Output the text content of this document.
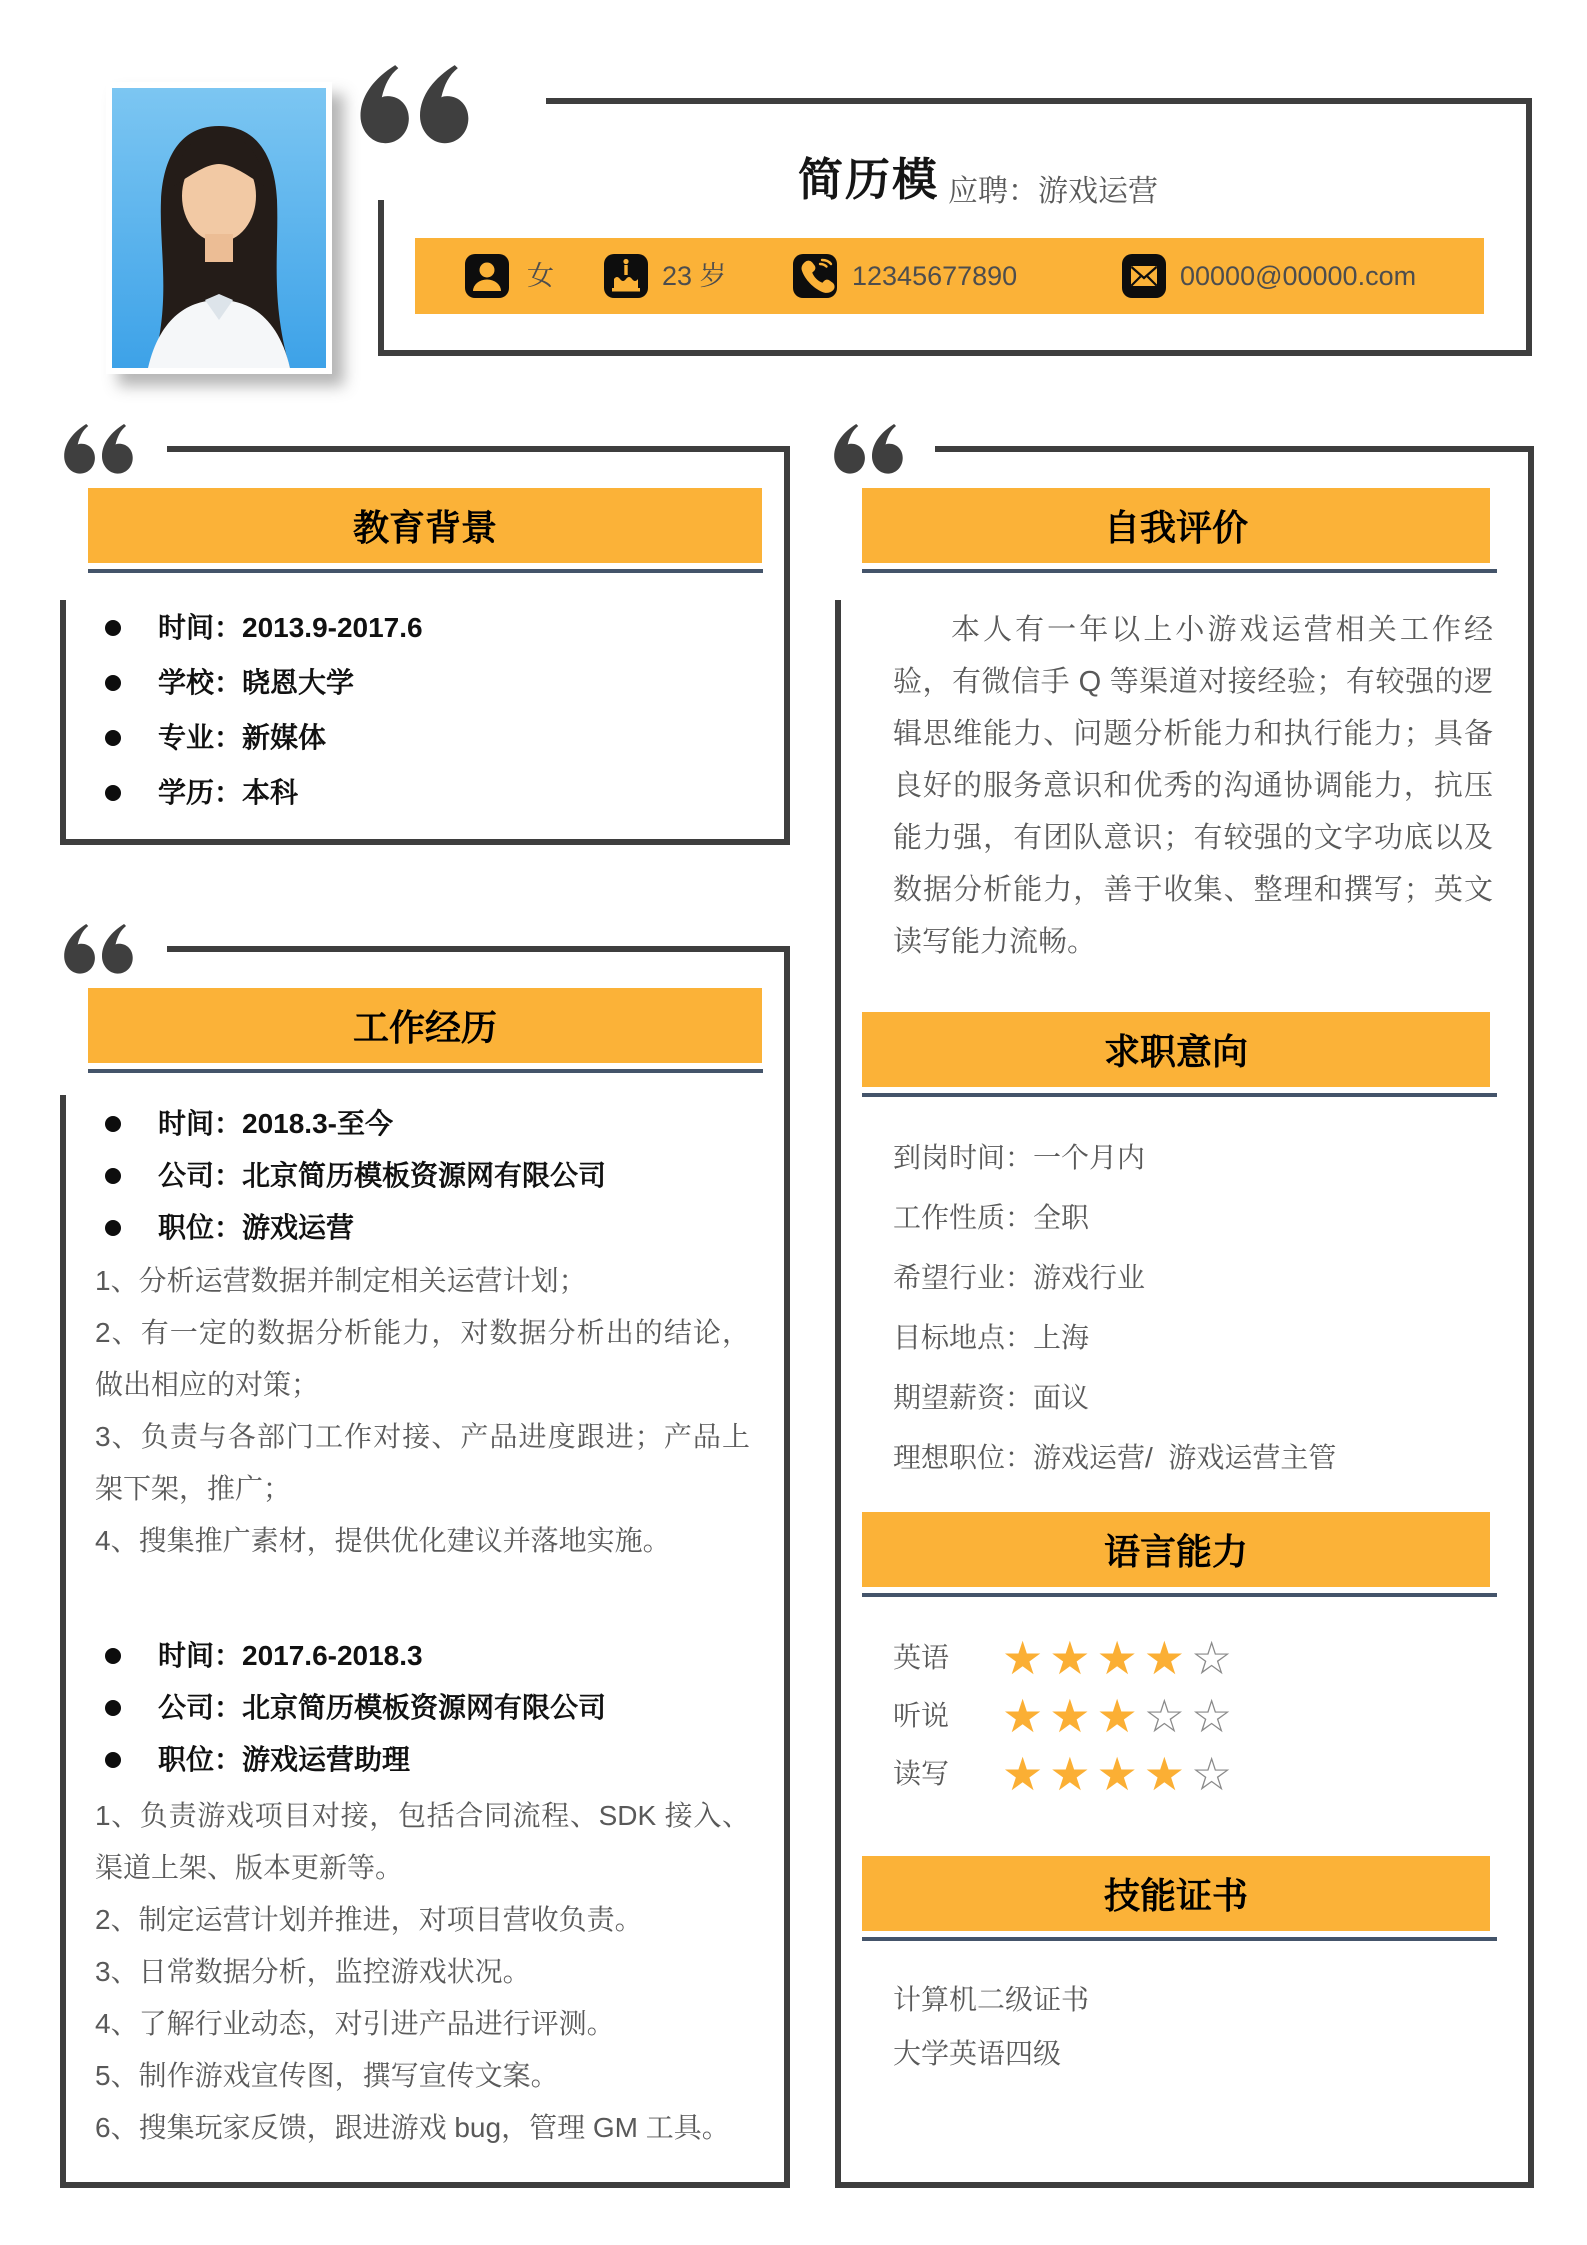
简历模 应聘：游戏运营
女	23 岁	12345677890	00000@00000.com
教育背景
时间：2013.9-2017.6
学校：晓恩大学
专业：新媒体
学历：本科
工作经历
时间：2018.3-至今
公司：北京简历模板资源网有限公司
职位：游戏运营
1、分析运营数据并制定相关运营计划；
2、有一定的数据分析能力，对数据分析出的结论，做出相应的对策；
3、负责与各部门工作对接、产品进度跟进；产品上架下架，推广；
4、搜集推广素材，提供优化建议并落地实施。
时间：2017.6-2018.3
公司：北京简历模板资源网有限公司
职位：游戏运营助理
1、负责游戏项目对接，包括合同流程、SDK 接入、渠道上架、版本更新等。
2、制定运营计划并推进，对项目营收负责。
3、日常数据分析，监控游戏状况。
4、了解行业动态，对引进产品进行评测。
5、制作游戏宣传图，撰写宣传文案。
6、搜集玩家反馈，跟进游戏 bug，管理 GM 工具。
自我评价
本人有一年以上小游戏运营相关工作经验，有微信手 Q 等渠道对接经验；有较强的逻辑思维能力、问题分析能力和执行能力；具备良好的服务意识和优秀的沟通协调能力，抗压能力强，有团队意识；有较强的文字功底以及数据分析能力，善于收集、整理和撰写；英文读写能力流畅。
求职意向
到岗时间：一个月内
工作性质：全职
希望行业：游戏行业
目标地点：上海
期望薪资：面议
理想职位：游戏运营/  游戏运营主管
语言能力
英语	★★★★☆
听说	★★★☆☆
读写	★★★★☆
技能证书
计算机二级证书
大学英语四级
